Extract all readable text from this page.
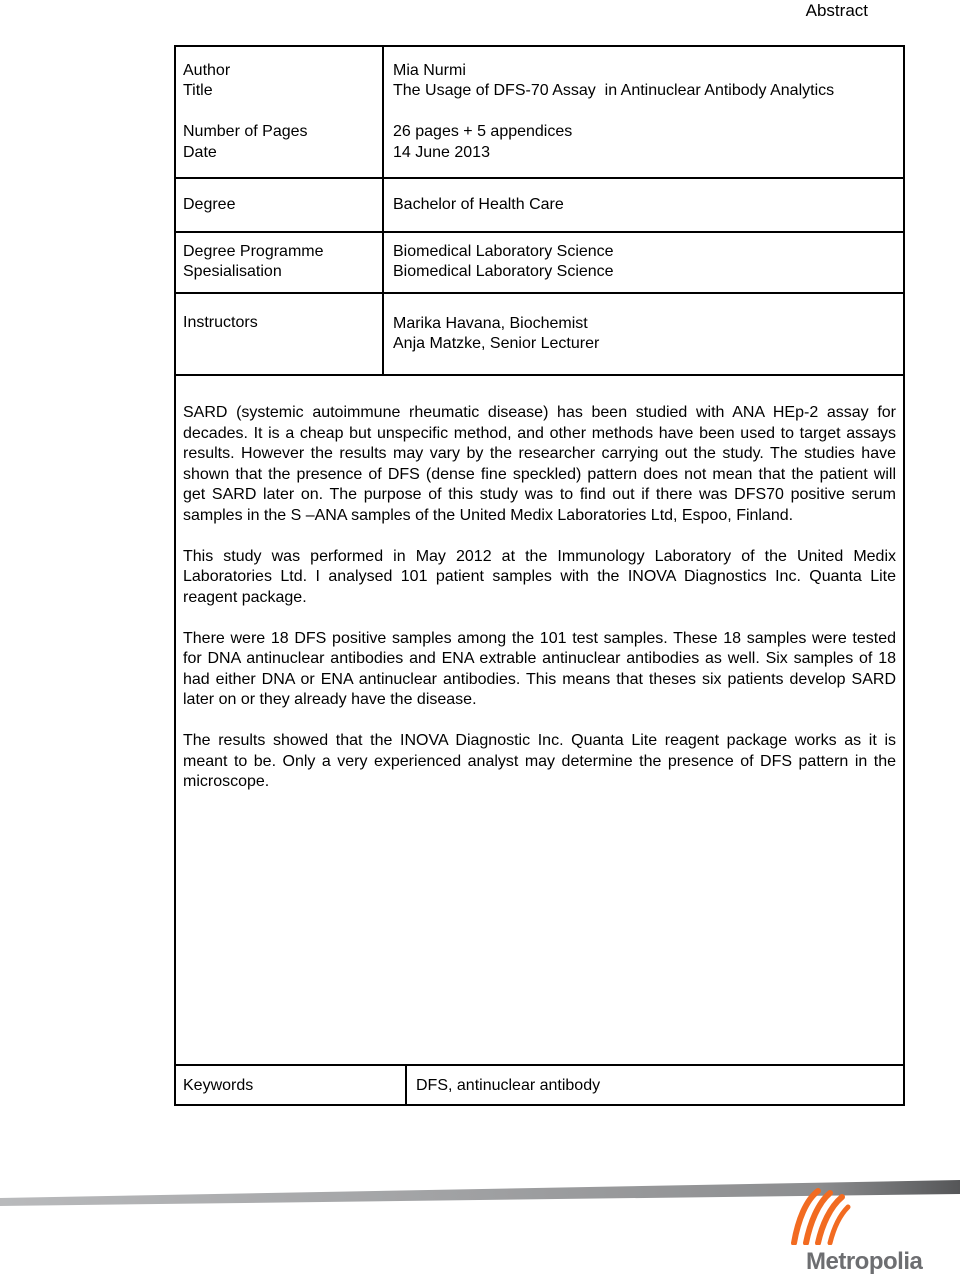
Abstract
Author
Title
Number of Pages
Date
Degree
Degree Programme
Spesialisation
Instructors
Mia Nurmi
The Usage of DFS-70 Assay  in Antinuclear Antibody Analytics
26 pages + 5 appendices
14 June 2013
Bachelor of Health Care
Biomedical Laboratory Science
Biomedical Laboratory Science
Marika Havana, Biochemist
Anja Matzke, Senior Lecturer

SARD (systemic autoimmune rheumatic disease) has been studied with ANA HEp-2 assay for decades. It is a cheap but unspecific method, and other methods have been used to target assays results. However the results may vary by the researcher carrying out the study. The studies have shown that the presence of DFS (dense fine speckled) pattern does not mean that the patient will get SARD later on. The purpose of this study was to find out if there was DFS70 positive serum samples in the S –ANA samples of the United Medix Laboratories Ltd, Espoo, Finland.

This study was performed in May 2012 at the Immunology Laboratory of the United Medix Laboratories Ltd. I analysed 101 patient samples with the INOVA Diagnostics Inc. Quanta Lite reagent package.

There were 18 DFS positive samples among the 101 test samples. These 18 samples were tested for DNA antinuclear antibodies and ENA extrable antinuclear antibodies as well. Six samples of 18 had either DNA or ENA antinuclear antibodies. This means that theses six patients develop SARD later on or they already have the disease.

The results showed that the INOVA Diagnostic Inc. Quanta Lite reagent package works as it is meant to be. Only a very experienced analyst may determine the presence of DFS pattern in the microscope.

Keywords	DFS, antinuclear antibody
Metropolia
